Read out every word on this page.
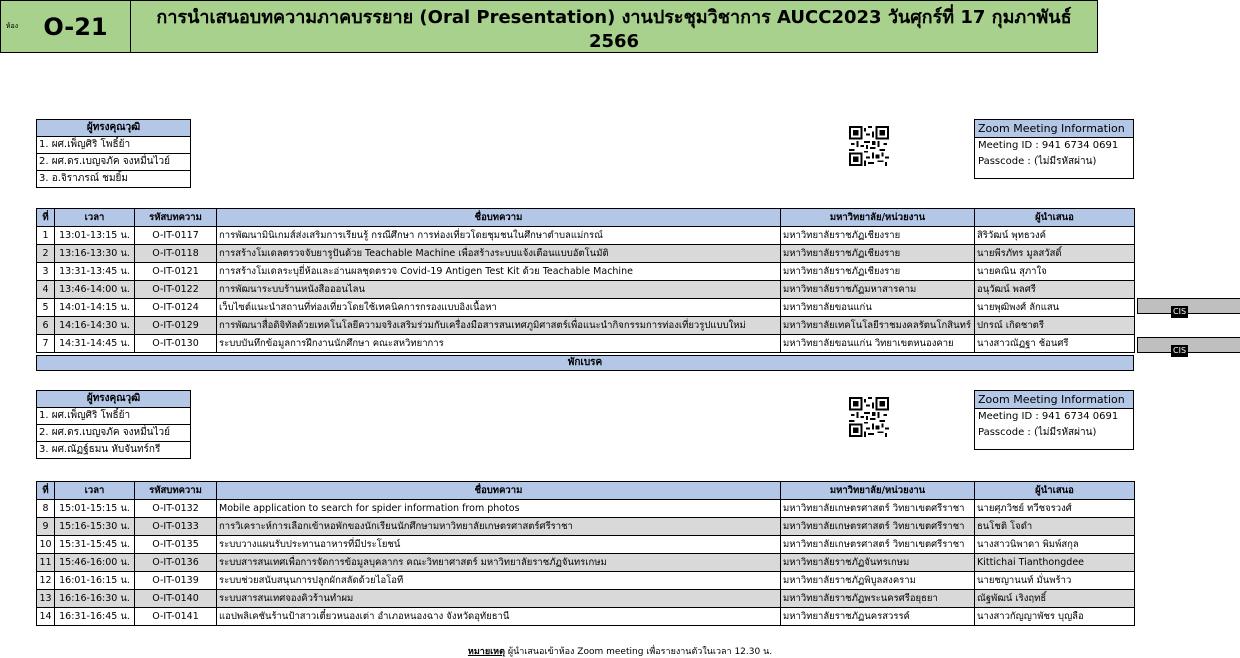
ห้อง	O-21	การนำเสนอบทความภาคบรรยาย (Oral Presentation) งานประชุมวิชาการ AUCC2023 วันศุกร์ที่ 17 กุมภาพันธ์ 2566
ผู้ทรงคุณวุฒิ
1. ผศ.เพ็ญศิริ โพธิ์ย้า
2. ผศ.ดร.เบญจภัค จงหมื่นไวย์
3. อ.จิราภรณ์ ชมยิ้ม
Zoom Meeting Information
Meeting ID : 941 6734 0691
Passcode : (ไม่มีรหัสผ่าน)
ที่	เวลา	รหัสบทความ	ชื่อบทความ	มหาวิทยาลัย/หน่วยงาน	ผู้นำเสนอ
1	13:01-13:15 น.	O-IT-0117	การพัฒนามินิเกมส์ส่งเสริมการเรียนรู้ กรณีศึกษา การท่องเที่ยวโดยชุมชนในศึกษาตำบลแม่กรณ์	มหาวิทยาลัยราชภัฏเชียงราย	สิริวัฒน์ พุทธวงค์
2	13:16-13:30 น.	O-IT-0118	การสร้างโมเดลตรวจจับยารูปันด้วย Teachable Machine เพื่อสร้างระบบแจ้งเตือนแบบอัตโนมัติ	มหาวิทยาลัยราชภัฏเชียงราย	นายพีรภัทร มูลสวัสดิ์
3	13:31-13:45 น.	O-IT-0121	การสร้างโมเดลระบุยี่ห้อและอ่านผลชุดตรวจ Covid-19 Antigen Test Kit ด้วย Teachable Machine	มหาวิทยาลัยราชภัฏเชียงราย	นายคณิน สุภาใจ
4	13:46-14:00 น.	O-IT-0122	การพัฒนาระบบร้านหนังสือออนไลน	มหาวิทยาลัยราชภัฏมหาสารคาม	อนุวัฒน์ พลศรี
5	14:01-14:15 น.	O-IT-0124	เว็บไซต์แนะนำสถานที่ท่องเที่ยวโดยใช้เทคนิคการกรองแบบอิงเนื้อหา	มหาวิทยาลัยขอนแก่น	นายพุฒิพงศ์ ลักแสน
6	14:16-14:30 น.	O-IT-0129	การพัฒนาสื่อดิจิทัลด้วยเทคโนโลยีความจริงเสริมร่วมกับเครื่องมือสารสนเทศภูมิศาสตร์เพื่อแนะนำกิจกรรมการท่องเที่ยวรูปแบบใหม่	มหาวิทยาลัยเทคโนโลยีราชมงคลรัตนโกสินทร์	ปกรณ์ เกิดชาตรี
7	14:31-14:45 น.	O-IT-0130	ระบบบันทึกข้อมูลการฝึกงานนักศึกษา คณะสหวิทยาการ	มหาวิทยาลัยขอนแก่น วิทยาเขตหนองคาย	นางสาวณัฏฐา ช้อนศรี
CIS
CIS
พักเบรค
ผู้ทรงคุณวุฒิ
1. ผศ.เพ็ญศิริ โพธิ์ย้า
2. ผศ.ดร.เบญจภัค จงหมื่นไวย์
3. ผศ.ณัฏฐ์ธมน หับจันทร์กรี
Zoom Meeting Information
Meeting ID : 941 6734 0691
Passcode : (ไม่มีรหัสผ่าน)
ที่	เวลา	รหัสบทความ	ชื่อบทความ	มหาวิทยาลัย/หน่วยงาน	ผู้นำเสนอ
8	15:01-15:15 น.	O-IT-0132	Mobile application to search for spider information from photos	มหาวิทยาลัยเกษตรศาสตร์ วิทยาเขตศรีราชา	นายศุภวิชย์ ทวีชจรวงศ์
9	15:16-15:30 น.	O-IT-0133	การวิเคราะห์การเลือกเข้าหอพักของนักเรียนนักศึกษามหาวิทยาลัยเกษตรศาสตร์ศรีราชา	มหาวิทยาลัยเกษตรศาสตร์ วิทยาเขตศรีราชา	ธนโชติ โจดำ
10	15:31-15:45 น.	O-IT-0135	ระบบวางแผนรับประทานอาหารที่มีประโยชน์	มหาวิทยาลัยเกษตรศาสตร์ วิทยาเขตศรีราชา	นางสาวนิพาดา พิมพ์สกุล
11	15:46-16:00 น.	O-IT-0136	ระบบสารสนเทศเพื่อการจัดการข้อมูลบุคลากร คณะวิทยาศาสตร์ มหาวิทยาลัยราชภัฏจันทรเกษม	มหาวิทยาลัยราชภัฏจันทรเกษม	Kittichai Tianthongdee
12	16:01-16:15 น.	O-IT-0139	ระบบช่วยสนับสนุนการปลูกผักสลัดด้วยไอโอที	มหาวิทยาลัยราชภัฏพิบูลสงคราม	นายชญานนท์ มั่นพร้าว
13	16:16-16:30 น.	O-IT-0140	ระบบสารสนเทศจองคิวร้านทำผม	มหาวิทยาลัยราชภัฏพระนครศรีอยุธยา	ณัฐพัฒน์ เริงฤทธิ์
14	16:31-16:45 น.	O-IT-0141	แอปพลิเคชันร้านป้าสาวเตี๋ยวหนองเต่า อำเภอหนองฉาง จังหวัดอุทัยธานี	มหาวิทยาลัยราชภัฏนครสวรรค์	นางสาวกัญญาพัชร บุญลือ
หมายเหตุ ผู้นำเสนอเข้าห้อง Zoom meeting เพื่อรายงานตัวในเวลา 12.30 น.
